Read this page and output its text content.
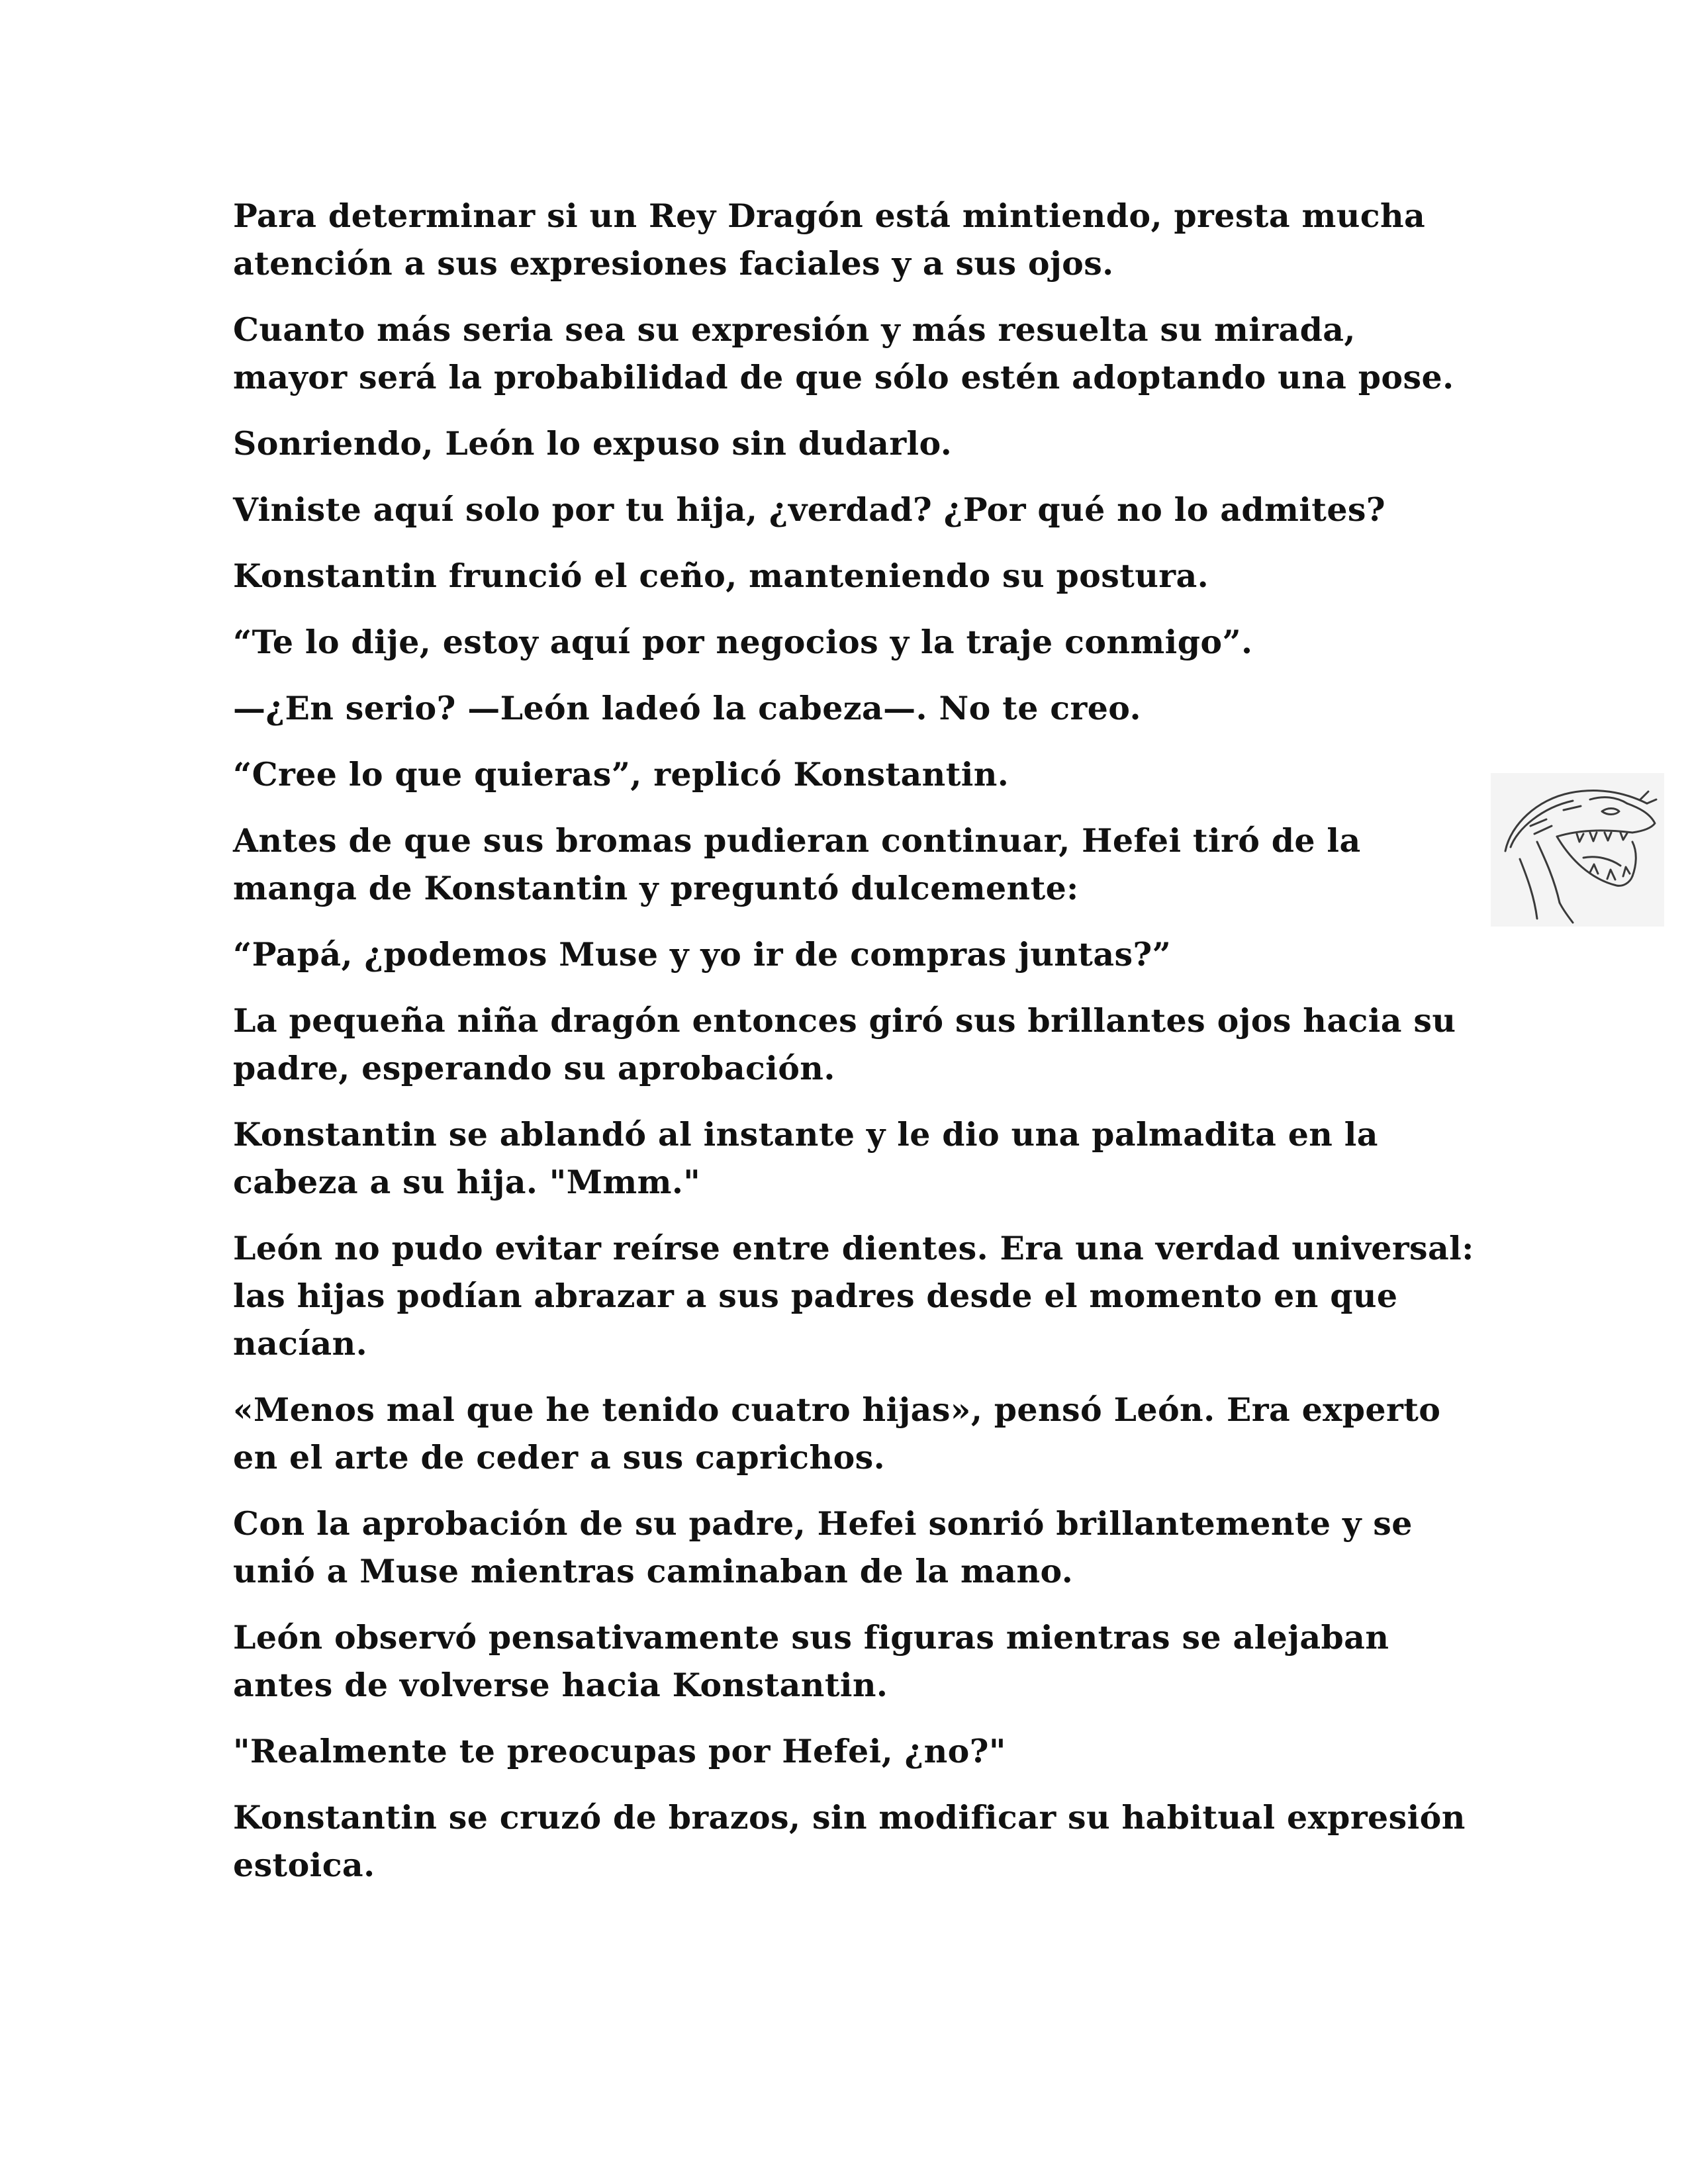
Para determinar si un Rey Dragón está mintiendo, presta mucha atención a sus expresiones faciales y a sus ojos.

Cuanto más seria sea su expresión y más resuelta su mirada, mayor será la probabilidad de que sólo estén adoptando una pose.

Sonriendo, León lo expuso sin dudarlo.

Viniste aquí solo por tu hija, ¿verdad? ¿Por qué no lo admites?

Konstantin frunció el ceño, manteniendo su postura.

“Te lo dije, estoy aquí por negocios y la traje conmigo”.

—¿En serio? —León ladeó la cabeza—. No te creo.

“Cree lo que quieras”, replicó Konstantin.

Antes de que sus bromas pudieran continuar, Hefei tiró de la manga de Konstantin y preguntó dulcemente:

“Papá, ¿podemos Muse y yo ir de compras juntas?”

La pequeña niña dragón entonces giró sus brillantes ojos hacia su padre, esperando su aprobación.

Konstantin se ablandó al instante y le dio una palmadita en la cabeza a su hija. "Mmm."

León no pudo evitar reírse entre dientes. Era una verdad universal: las hijas podían abrazar a sus padres desde el momento en que nacían.

«Menos mal que he tenido cuatro hijas», pensó León. Era experto en el arte de ceder a sus caprichos.

Con la aprobación de su padre, Hefei sonrió brillantemente y se unió a Muse mientras caminaban de la mano.

León observó pensativamente sus figuras mientras se alejaban antes de volverse hacia Konstantin.

"Realmente te preocupas por Hefei, ¿no?"

Konstantin se cruzó de brazos, sin modificar su habitual expresión estoica.
